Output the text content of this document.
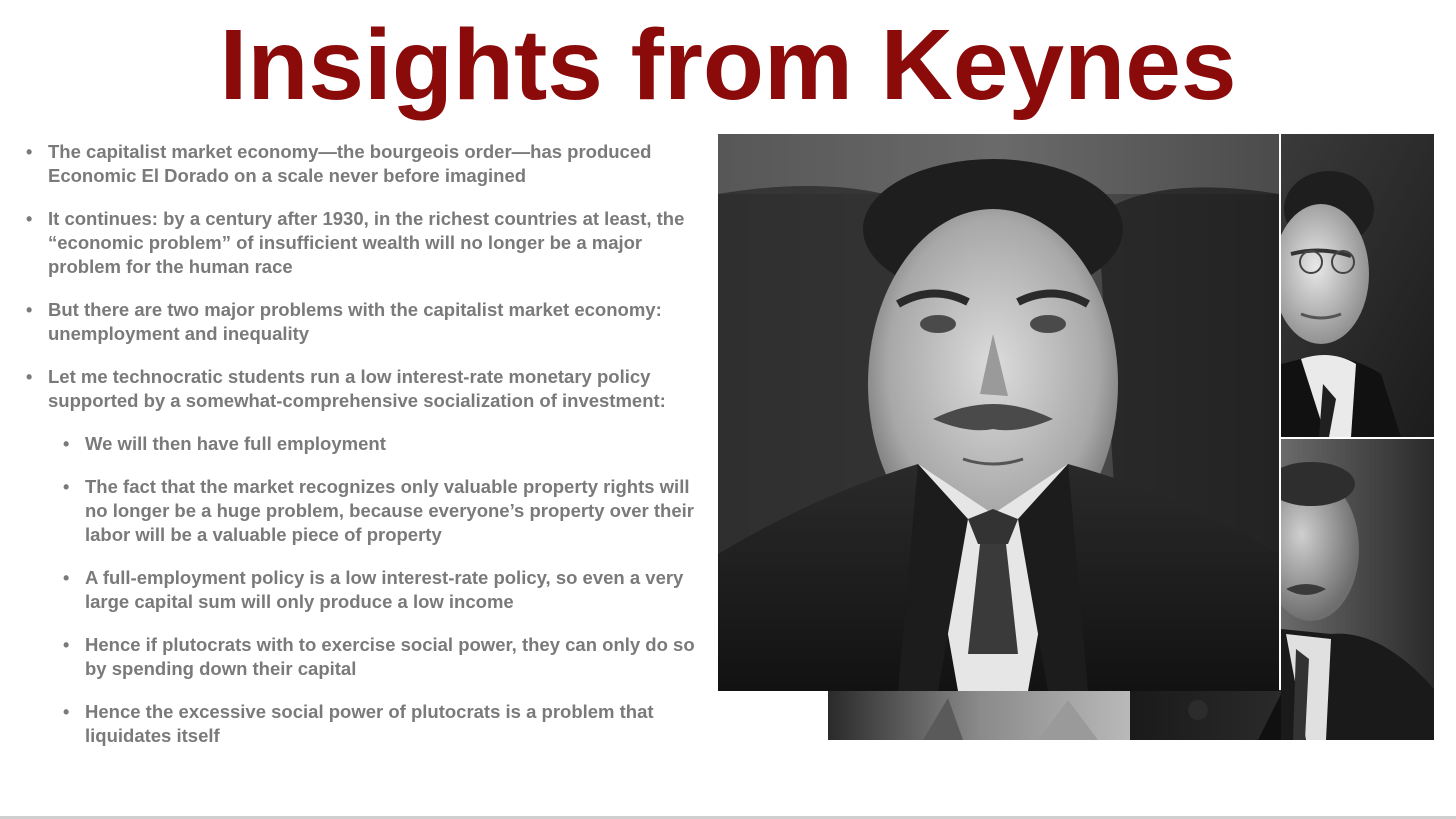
Insights from Keynes
• The capitalist market economy—the bourgeois order—has produced Economic El Dorado on a scale never before imagined
• It continues: by a century after 1930, in the richest countries at least, the “economic problem” of insufficient wealth will no longer be a major problem for the human race
• But there are two major problems with the capitalist market economy: unemployment and inequality
• Let me technocratic students run a low interest-rate monetary policy supported by a somewhat-comprehensive socialization of investment:
• We will then have full employment
• The fact that the market recognizes only valuable property rights will no longer be a huge problem, because everyone’s property over their labor will be a valuable piece of property
• A full-employment policy is a low interest-rate policy, so even a very large capital sum will only produce a low income
• Hence if plutocrats with to exercise social power, they can only do so by spending down their capital
• Hence the excessive social power of plutocrats is a problem that liquidates itself
